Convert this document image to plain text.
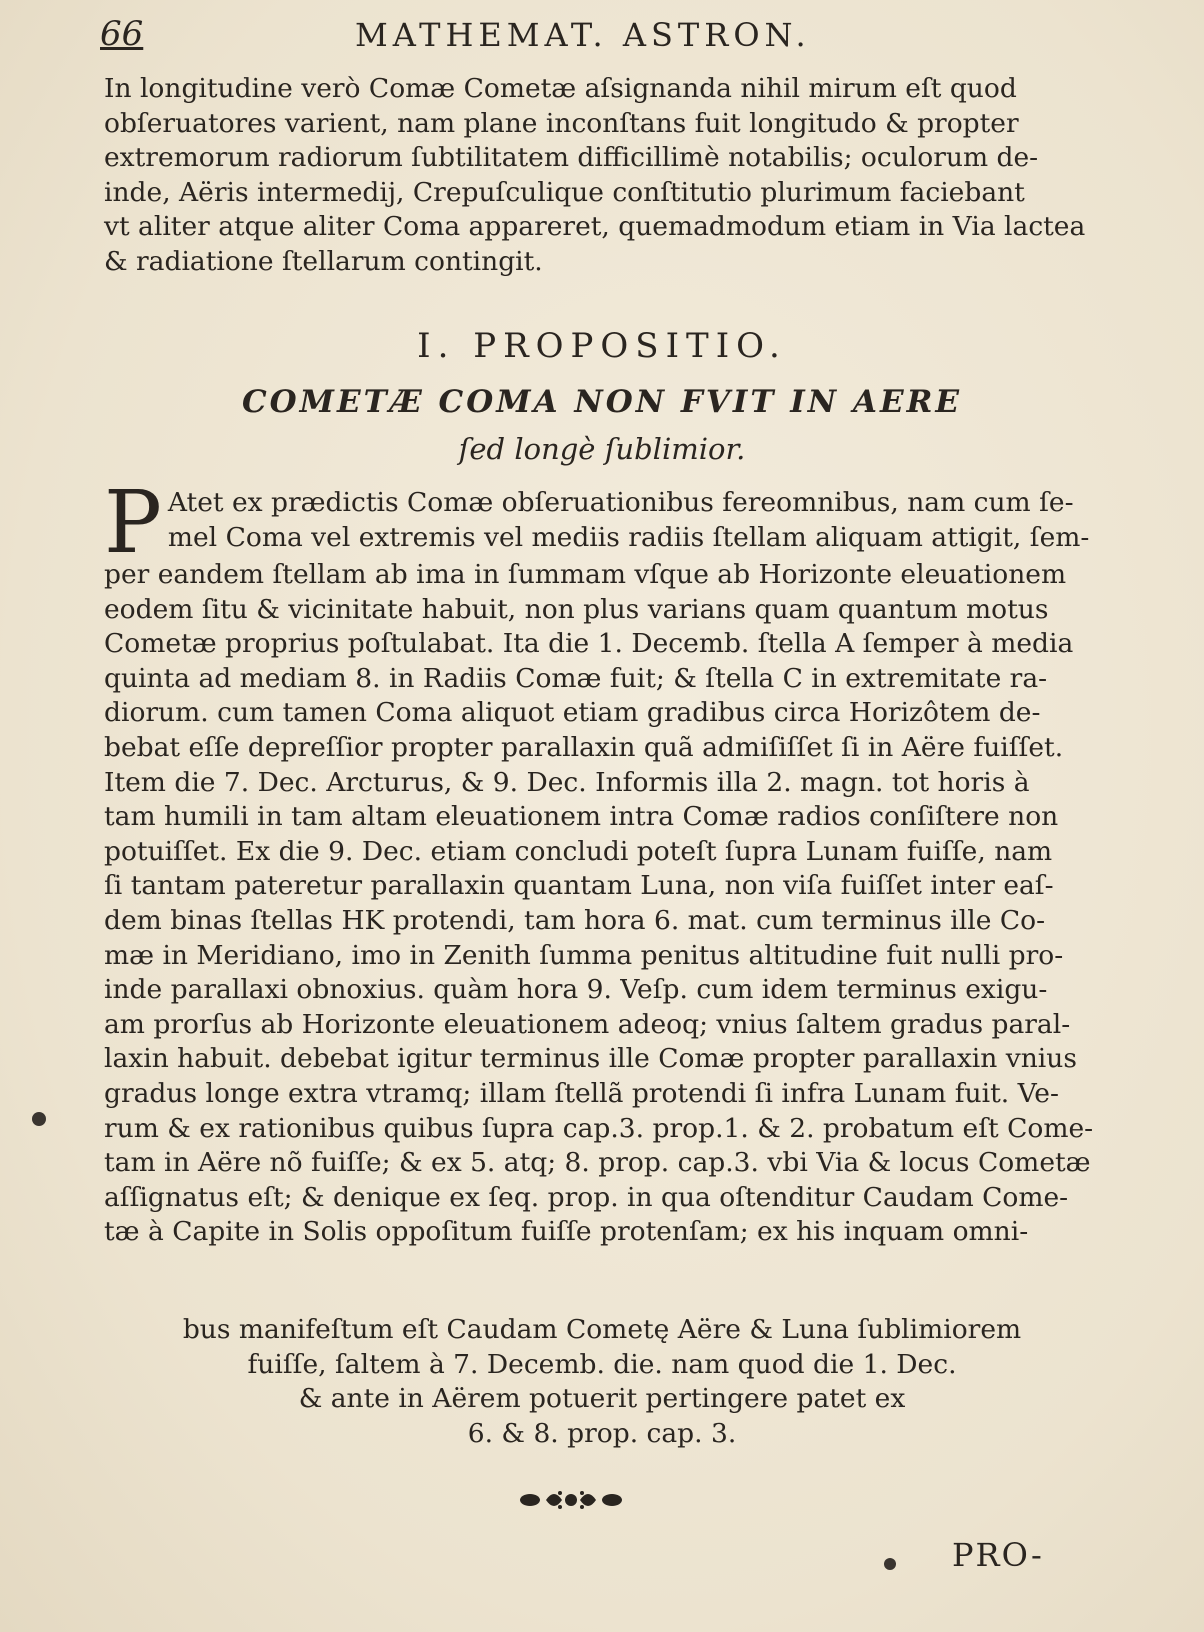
66	MATHEMAT. ASTRON.
In longitudine verò Comæ Cometæ aſsignanda nihil mirum eſt quod
obſeruatores varient, nam plane inconſtans fuit longitudo & propter
extremorum radiorum ſubtilitatem difficillimè notabilis; oculorum de-
inde, Aëris intermedij, Crepuſculique conſtitutio plurimum faciebant
vt aliter atque aliter Coma appareret, quemadmodum etiam in Via lactea
& radiatione ſtellarum contingit.
I. PROPOSITIO.
COMETÆ COMA NON FVIT IN AERE
ſed longè ſublimior.
P Atet ex prædictis Comæ obſeruationibus fereomnibus, nam cum ſe-
mel Coma vel extremis vel mediis radiis ſtellam aliquam attigit, ſem-
per eandem ſtellam ab ima in ſummam vſque ab Horizonte eleuationem
eodem ſitu & vicinitate habuit, non plus varians quam quantum motus
Cometæ proprius poſtulabat. Ita die 1. Decemb. ſtella A ſemper à media
quinta ad mediam 8. in Radiis Comæ fuit; & ſtella C in extremitate ra-
diorum. cum tamen Coma aliquot etiam gradibus circa Horizôtem de-
bebat eſſe depreſſior propter parallaxin quã admiſiſſet ſi in Aëre fuiſſet.
Item die 7. Dec. Arcturus, & 9. Dec. Informis illa 2. magn. tot horis à
tam humili in tam altam eleuationem intra Comæ radios conſiſtere non
potuiſſet. Ex die 9. Dec. etiam concludi poteſt ſupra Lunam fuiſſe, nam
ſi tantam pateretur parallaxin quantam Luna, non viſa fuiſſet inter eaſ-
dem binas ſtellas HK protendi, tam hora 6. mat. cum terminus ille Co-
mæ in Meridiano, imo in Zenith ſumma penitus altitudine fuit nulli pro-
inde parallaxi obnoxius. quàm hora 9. Veſp. cum idem terminus exigu-
am prorſus ab Horizonte eleuationem adeoq; vnius ſaltem gradus paral-
laxin habuit. debebat igitur terminus ille Comæ propter parallaxin vnius
gradus longe extra vtramq; illam ſtellã protendi ſi infra Lunam fuit. Ve-
rum & ex rationibus quibus ſupra cap.3. prop.1. & 2. probatum eſt Come-
tam in Aëre nõ fuiſſe; & ex 5. atq; 8. prop. cap.3. vbi Via & locus Cometæ
aſſignatus eſt; & denique ex ſeq. prop. in qua oſtenditur Caudam Come-
tæ à Capite in Solis oppoſitum fuiſſe protenſam; ex his inquam omni-
bus manifeſtum eſt Caudam Cometę Aëre & Luna ſublimiorem
fuiſſe, ſaltem à 7. Decemb. die. nam quod die 1. Dec.
& ante in Aërem potuerit pertingere patet ex
6. & 8. prop. cap. 3.
PRO-
